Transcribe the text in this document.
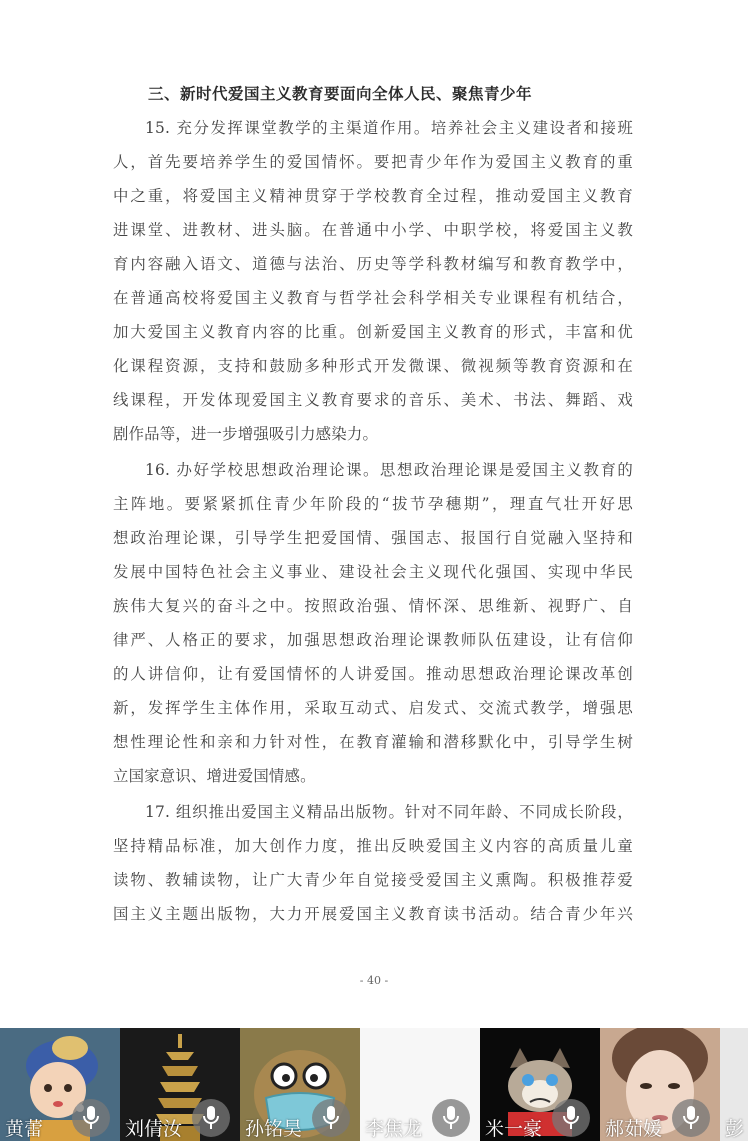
三、新时代爱国主义教育要面向全体人民、聚焦青少年
15. 充分发挥课堂教学的主渠道作用。培养社会主义建设者和接班
人，首先要培养学生的爱国情怀。要把青少年作为爱国主义教育的重
中之重，将爱国主义精神贯穿于学校教育全过程，推动爱国主义教育
进课堂、进教材、进头脑。在普通中小学、中职学校，将爱国主义教
育内容融入语文、道德与法治、历史等学科教材编写和教育教学中，
在普通高校将爱国主义教育与哲学社会科学相关专业课程有机结合，
加大爱国主义教育内容的比重。创新爱国主义教育的形式，丰富和优
化课程资源，支持和鼓励多种形式开发微课、微视频等教育资源和在
线课程，开发体现爱国主义教育要求的音乐、美术、书法、舞蹈、戏
剧作品等，进一步增强吸引力感染力。
16. 办好学校思想政治理论课。思想政治理论课是爱国主义教育的
主阵地。要紧紧抓住青少年阶段的“拔节孕穗期”，理直气壮开好思
想政治理论课，引导学生把爱国情、强国志、报国行自觉融入坚持和
发展中国特色社会主义事业、建设社会主义现代化强国、实现中华民
族伟大复兴的奋斗之中。按照政治强、情怀深、思维新、视野广、自
律严、人格正的要求，加强思想政治理论课教师队伍建设，让有信仰
的人讲信仰，让有爱国情怀的人讲爱国。推动思想政治理论课改革创
新，发挥学生主体作用，采取互动式、启发式、交流式教学，增强思
想性理论性和亲和力针对性，在教育灌输和潜移默化中，引导学生树
立国家意识、增进爱国情感。
17. 组织推出爱国主义精品出版物。针对不同年龄、不同成长阶段，
坚持精品标准，加大创作力度，推出反映爱国主义内容的高质量儿童
读物、教辅读物，让广大青少年自觉接受爱国主义熏陶。积极推荐爱
国主义主题出版物，大力开展爱国主义教育读书活动。结合青少年兴
- 40 -
黄蕾	刘倩汝	孙铭昊	李焦龙	米一豪	郝茹媛	彭
